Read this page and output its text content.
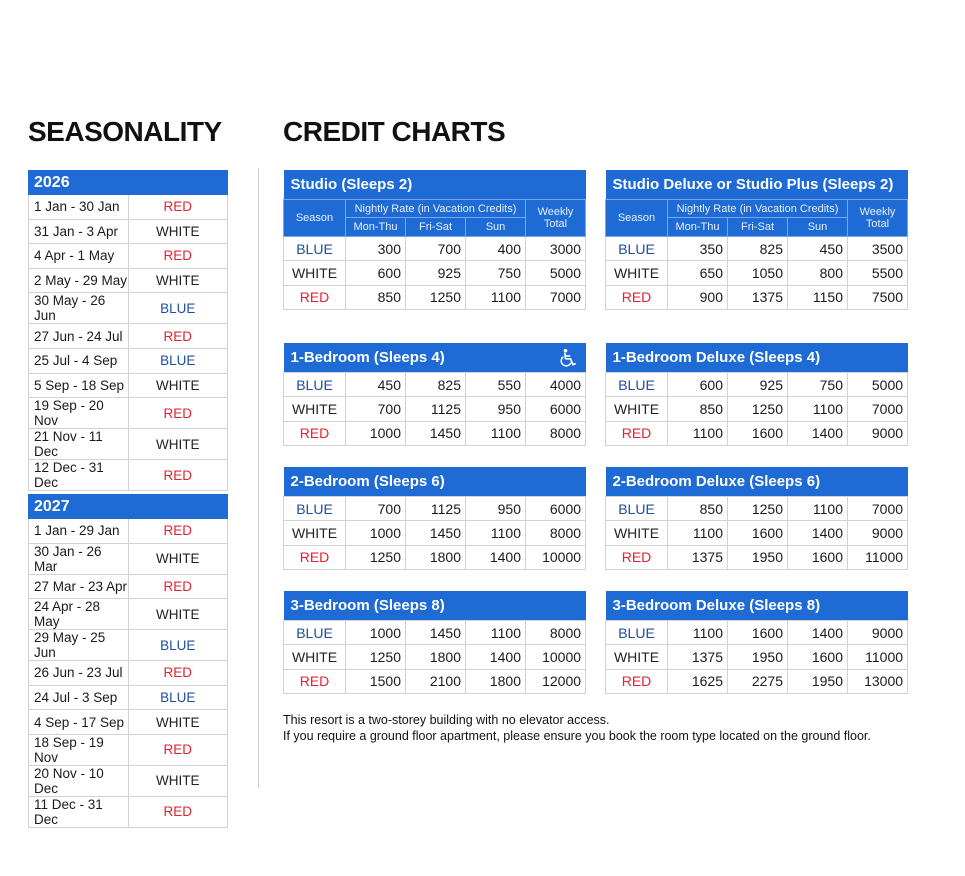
SEASONALITY CREDIT CHARTS
2026	
1 Jan - 30 Jan	RED
31 Jan - 3 Apr	WHITE
4 Apr - 1 May	RED
2 May - 29 May	WHITE
30 May - 26 Jun	BLUE
27 Jun - 24 Jul	RED
25 Jul - 4 Sep	BLUE
5 Sep - 18 Sep	WHITE
19 Sep - 20 Nov	RED
21 Nov - 11 Dec	WHITE
12 Dec - 31 Dec	RED
2027	
1 Jan - 29 Jan	RED
30 Jan - 26 Mar	WHITE
27 Mar - 23 Apr	RED
24 Apr - 28 May	WHITE
29 May - 25 Jun	BLUE
26 Jun - 23 Jul	RED
24 Jul - 3 Sep	BLUE
4 Sep - 17 Sep	WHITE
18 Sep - 19 Nov	RED
20 Nov - 10 Dec	WHITE
11 Dec - 31 Dec	RED
Studio (Sleeps 2)				
Season	Nightly Rate (in Vacation Credits)			Weekly Total
	Mon-Thu	Fri-Sat	Sun	
BLUE	300	700	400	3000
WHITE	600	925	750	5000
RED	850	1250	1100	7000
Studio Deluxe or Studio Plus (Sleeps 2)				
Season	Nightly Rate (in Vacation Credits)			Weekly Total
	Mon-Thu	Fri-Sat	Sun	
BLUE	350	825	450	3500
WHITE	650	1050	800	5500
RED	900	1375	1150	7500
1-Bedroom (Sleeps 4)				

BLUE	450	825	550	4000
WHITE	700	1125	950	6000
RED	1000	1450	1100	8000
1-Bedroom Deluxe (Sleeps 4)				
BLUE	600	925	750	5000
WHITE	850	1250	1100	7000
RED	1100	1600	1400	9000
2-Bedroom (Sleeps 6)				
BLUE	700	1125	950	6000
WHITE	1000	1450	1100	8000
RED	1250	1800	1400	10000
2-Bedroom Deluxe (Sleeps 6)				
BLUE	850	1250	1100	7000
WHITE	1100	1600	1400	9000
RED	1375	1950	1600	11000
3-Bedroom (Sleeps 8)				
BLUE	1000	1450	1100	8000
WHITE	1250	1800	1400	10000
RED	1500	2100	1800	12000
3-Bedroom Deluxe (Sleeps 8)				
BLUE	1100	1600	1400	9000
WHITE	1375	1950	1600	11000
RED	1625	2275	1950	13000
This resort is a two-storey building with no elevator access.
If you require a ground floor apartment, please ensure you book the room type located on the ground floor.
